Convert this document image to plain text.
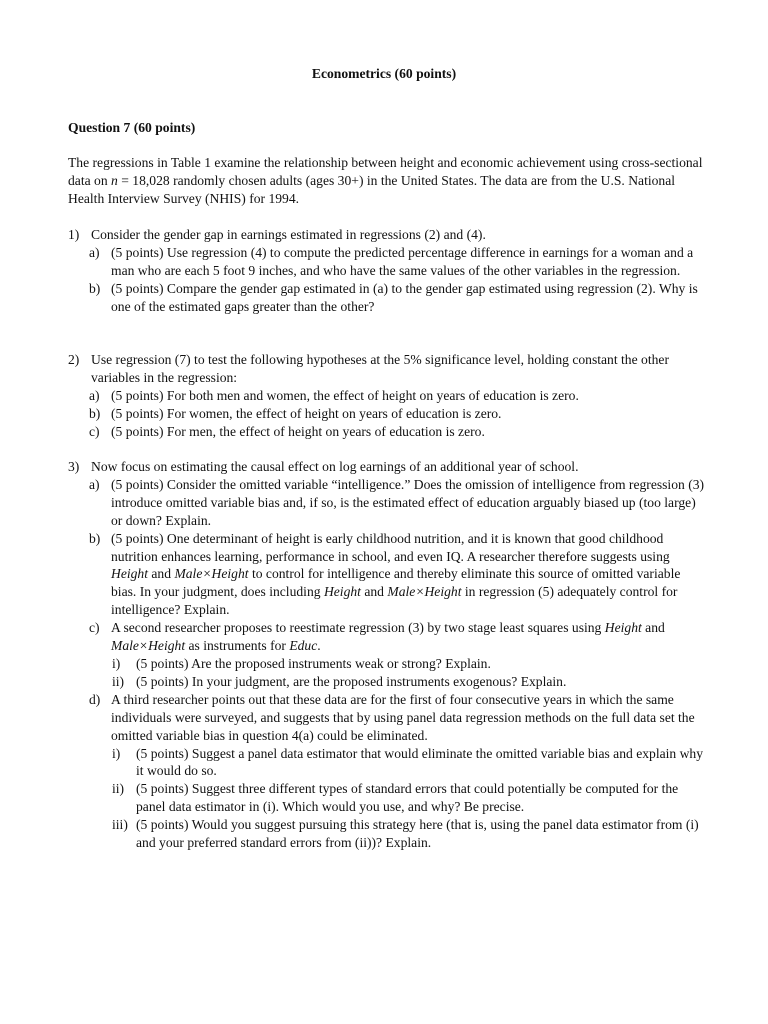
Econometrics (60 points)
Question 7 (60 points)
The regressions in Table 1 examine the relationship between height and economic achievement using cross-sectional data on n = 18,028 randomly chosen adults (ages 30+) in the United States. The data are from the U.S. National Health Interview Survey (NHIS) for 1994.
1) Consider the gender gap in earnings estimated in regressions (2) and (4).
a) (5 points) Use regression (4) to compute the predicted percentage difference in earnings for a woman and a man who are each 5 foot 9 inches, and who have the same values of the other variables in the regression.
b) (5 points) Compare the gender gap estimated in (a) to the gender gap estimated using regression (2). Why is one of the estimated gaps greater than the other?
2) Use regression (7) to test the following hypotheses at the 5% significance level, holding constant the other variables in the regression:
a) (5 points) For both men and women, the effect of height on years of education is zero.
b) (5 points) For women, the effect of height on years of education is zero.
c) (5 points) For men, the effect of height on years of education is zero.
3) Now focus on estimating the causal effect on log earnings of an additional year of school.
a) (5 points) Consider the omitted variable “intelligence.” Does the omission of intelligence from regression (3) introduce omitted variable bias and, if so, is the estimated effect of education arguably biased up (too large) or down? Explain.
b) (5 points) One determinant of height is early childhood nutrition, and it is known that good childhood nutrition enhances learning, performance in school, and even IQ. A researcher therefore suggests using Height and Male×Height to control for intelligence and thereby eliminate this source of omitted variable bias. In your judgment, does including Height and Male×Height in regression (5) adequately control for intelligence? Explain.
c) A second researcher proposes to reestimate regression (3) by two stage least squares using Height and Male×Height as instruments for Educ.
i) (5 points) Are the proposed instruments weak or strong? Explain.
ii) (5 points) In your judgment, are the proposed instruments exogenous? Explain.
d) A third researcher points out that these data are for the first of four consecutive years in which the same individuals were surveyed, and suggests that by using panel data regression methods on the full data set the omitted variable bias in question 4(a) could be eliminated.
i) (5 points) Suggest a panel data estimator that would eliminate the omitted variable bias and explain why it would do so.
ii) (5 points) Suggest three different types of standard errors that could potentially be computed for the panel data estimator in (i). Which would you use, and why? Be precise.
iii) (5 points) Would you suggest pursuing this strategy here (that is, using the panel data estimator from (i) and your preferred standard errors from (ii))? Explain.
